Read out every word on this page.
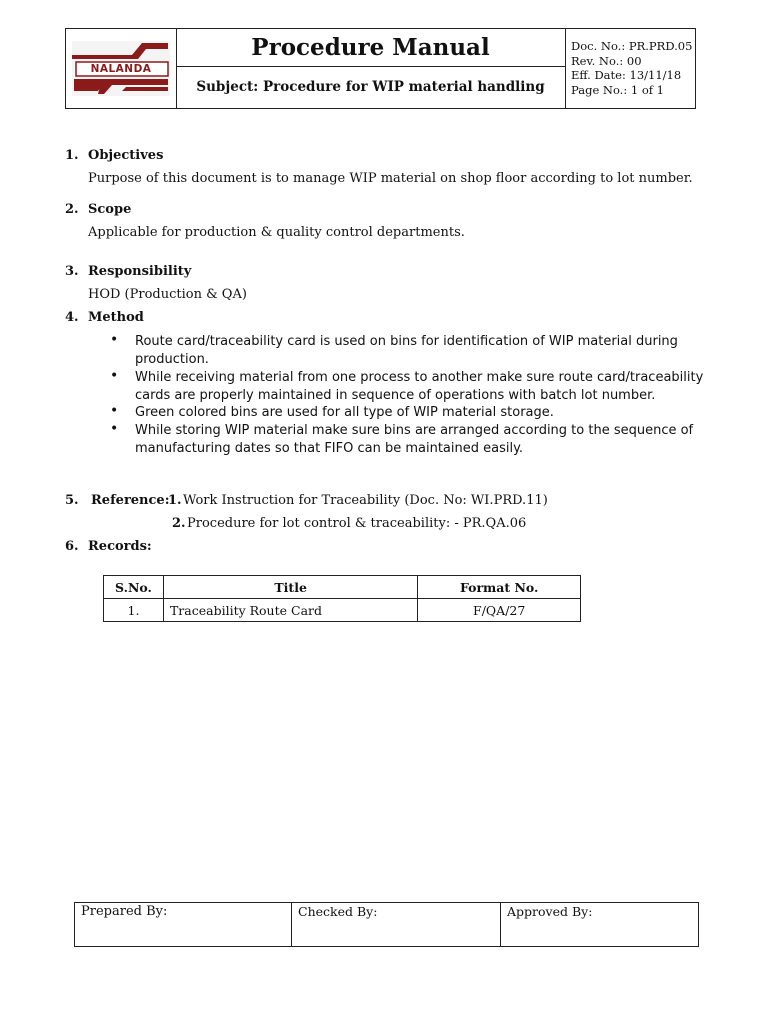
NALANDA
Procedure Manual
Subject: Procedure for WIP material handling
Doc. No.: PR.PRD.05
Rev. No.: 00
Eff. Date: 13/11/18
Page No.: 1 of 1
1. Objectives
Purpose of this document is to manage WIP material on shop floor according to lot number.
2. Scope
Applicable for production & quality control departments.
3. Responsibility
HOD (Production & QA)
4. Method
• Route card/traceability card is used on bins for identification of WIP material during
production.
• While receiving material from one process to another make sure route card/traceability
cards are properly maintained in sequence of operations with batch lot number.
• Green colored bins are used for all type of WIP material storage.
• While storing WIP material make sure bins are arranged according to the sequence of
manufacturing dates so that FIFO can be maintained easily.
5. Reference:
1. Work Instruction for Traceability (Doc. No: WI.PRD.11)
2. Procedure for lot control & traceability: - PR.QA.06
6. Records:
S.No.	Title	Format No.
1.	Traceability Route Card	F/QA/27
Prepared By:	Checked By:	Approved By:
